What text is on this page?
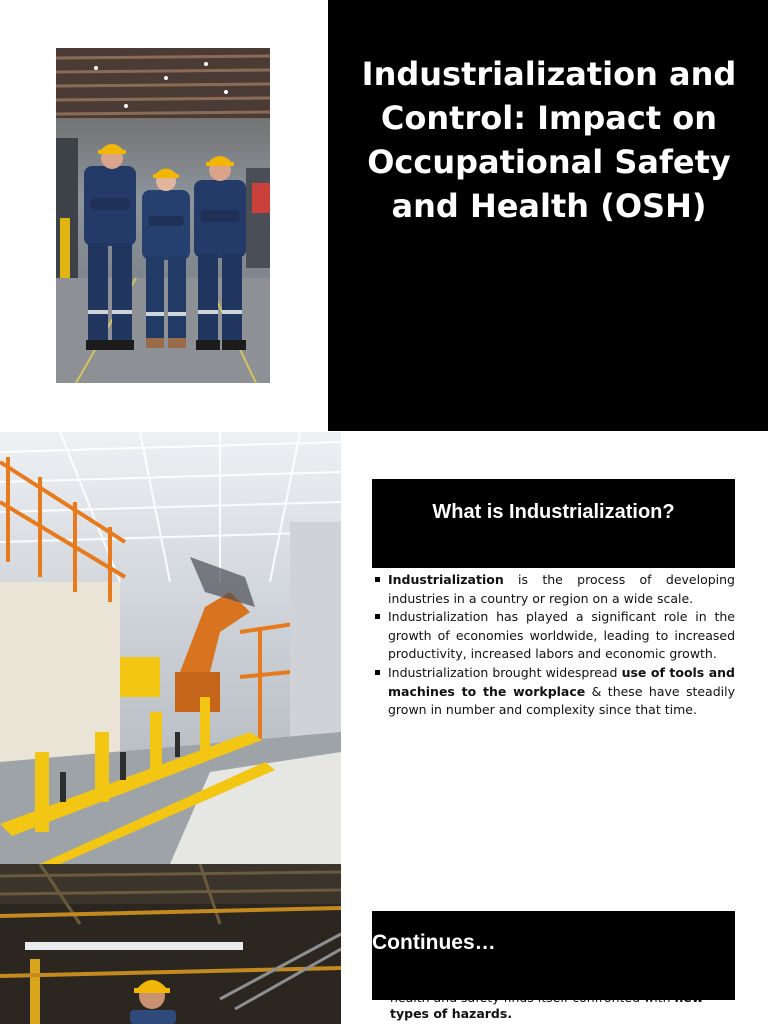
Industrialization and Control: Impact on Occupational Safety and Health (OSH)
What is Industrialization?
Industrialization is the process of developing industries in a country or region on a wide scale.
Industrialization has played a significant role in the growth of economies worldwide, leading to increased productivity, increased labors and economic growth.
Industrialization brought widespread use of tools and machines to the workplace & these have steadily grown in number and complexity since that time.

types of hazards.

Continues…
